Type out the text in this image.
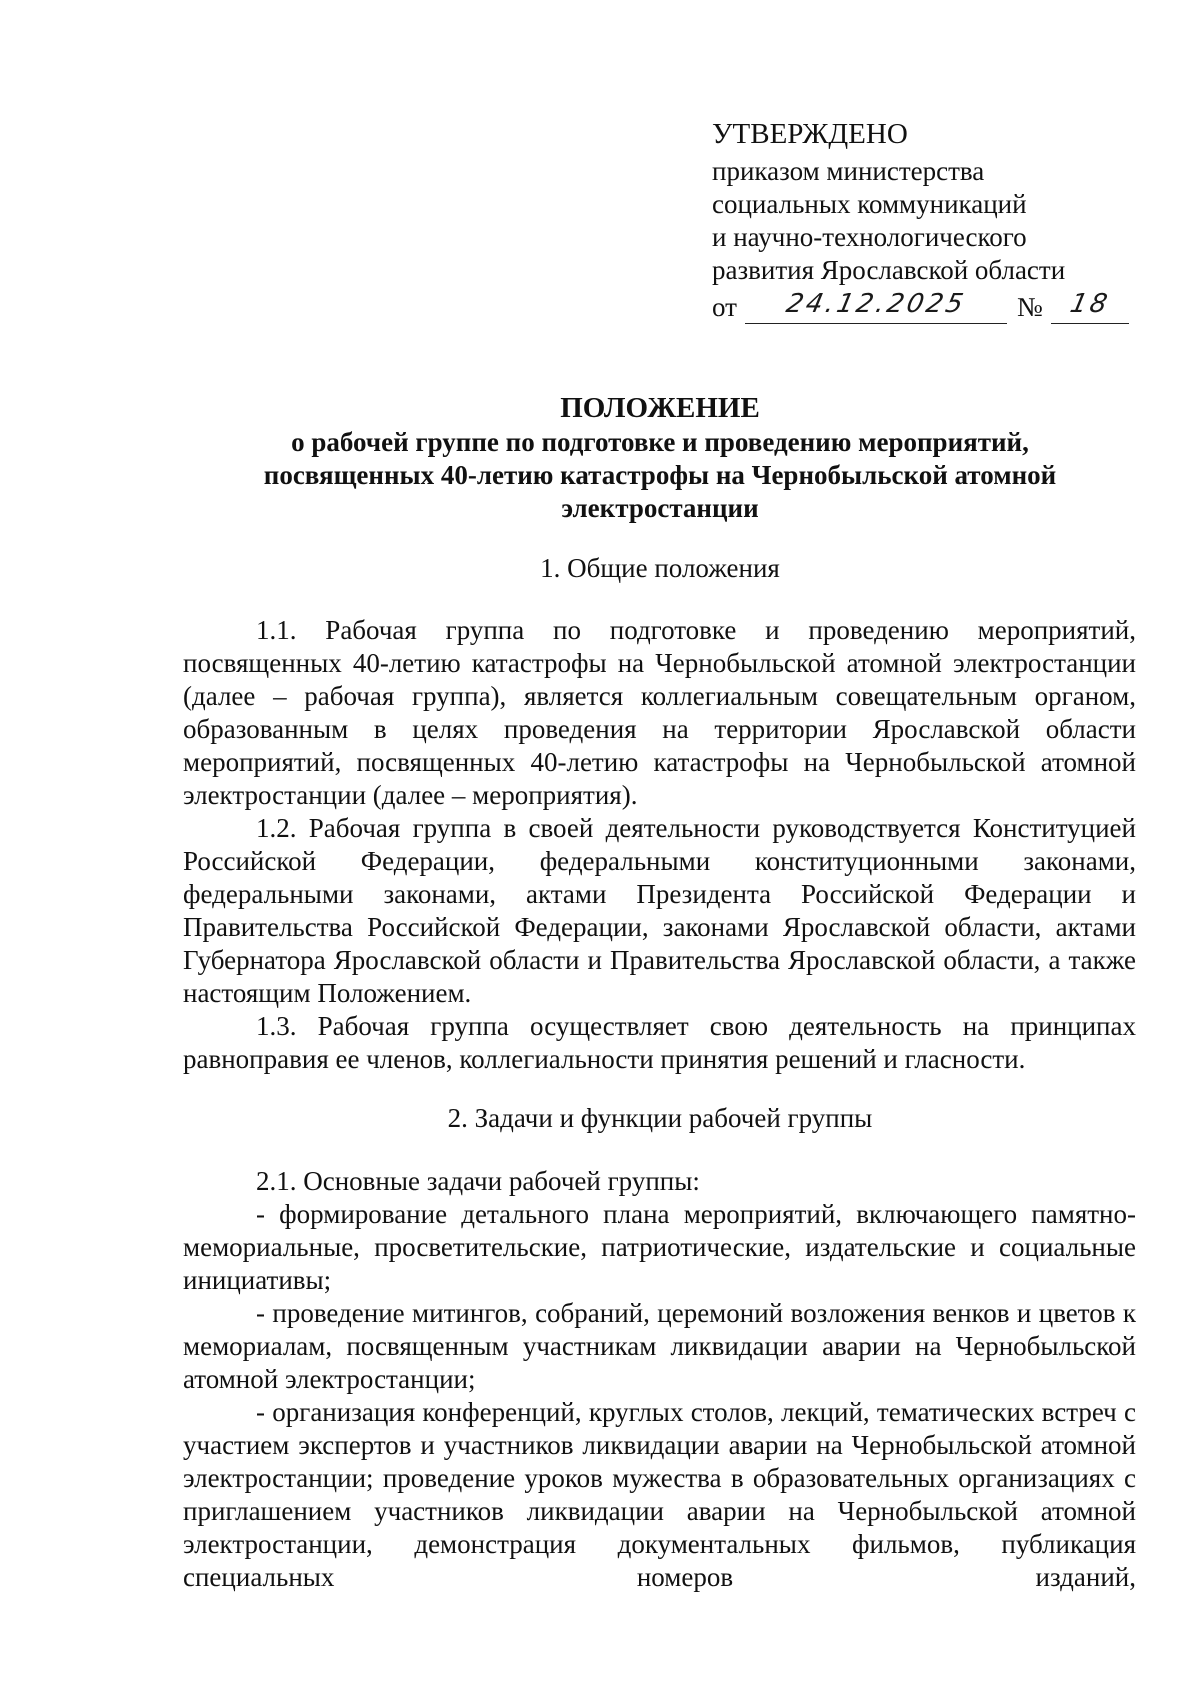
УТВЕРЖДЕНО
приказом министерства
социальных коммуникаций
и научно-технологического
развития Ярославской области
от	24.12.2025	№ 18
ПОЛОЖЕНИЕ
о рабочей группе по подготовке и проведению мероприятий,
посвященных 40-летию катастрофы на Чернобыльской атомной
электростанции
1. Общие положения

1.1. Рабочая группа по подготовке и проведению мероприятий, посвященных 40-летию катастрофы на Чернобыльской атомной электростанции (далее – рабочая группа), является коллегиальным совещательным органом, образованным в целях проведения на территории Ярославской области мероприятий, посвященных 40-летию катастрофы на Чернобыльской атомной электростанции (далее – мероприятия).

1.2. Рабочая группа в своей деятельности руководствуется Конституцией Российской Федерации, федеральными конституционными законами, федеральными законами, актами Президента Российской Федерации и Правительства Российской Федерации, законами Ярославской области, актами Губернатора Ярославской области и Правительства Ярославской области, а также настоящим Положением.

1.3. Рабочая группа осуществляет свою деятельность на принципах равноправия ее членов, коллегиальности принятия решений и гласности.

2. Задачи и функции рабочей группы

2.1. Основные задачи рабочей группы:

- формирование детального плана мероприятий, включающего памятно-мемориальные, просветительские, патриотические, издательские и социальные инициативы;

- проведение митингов, собраний, церемоний возложения венков и цветов к мемориалам, посвященным участникам ликвидации аварии на Чернобыльской атомной электростанции;

- организация конференций, круглых столов, лекций, тематических встреч с участием экспертов и участников ликвидации аварии на Чернобыльской атомной электростанции; проведение уроков мужества в образовательных организациях с приглашением участников ликвидации аварии на Чернобыльской атомной электростанции, демонстрация документальных фильмов, публикация специальных номеров изданий,
